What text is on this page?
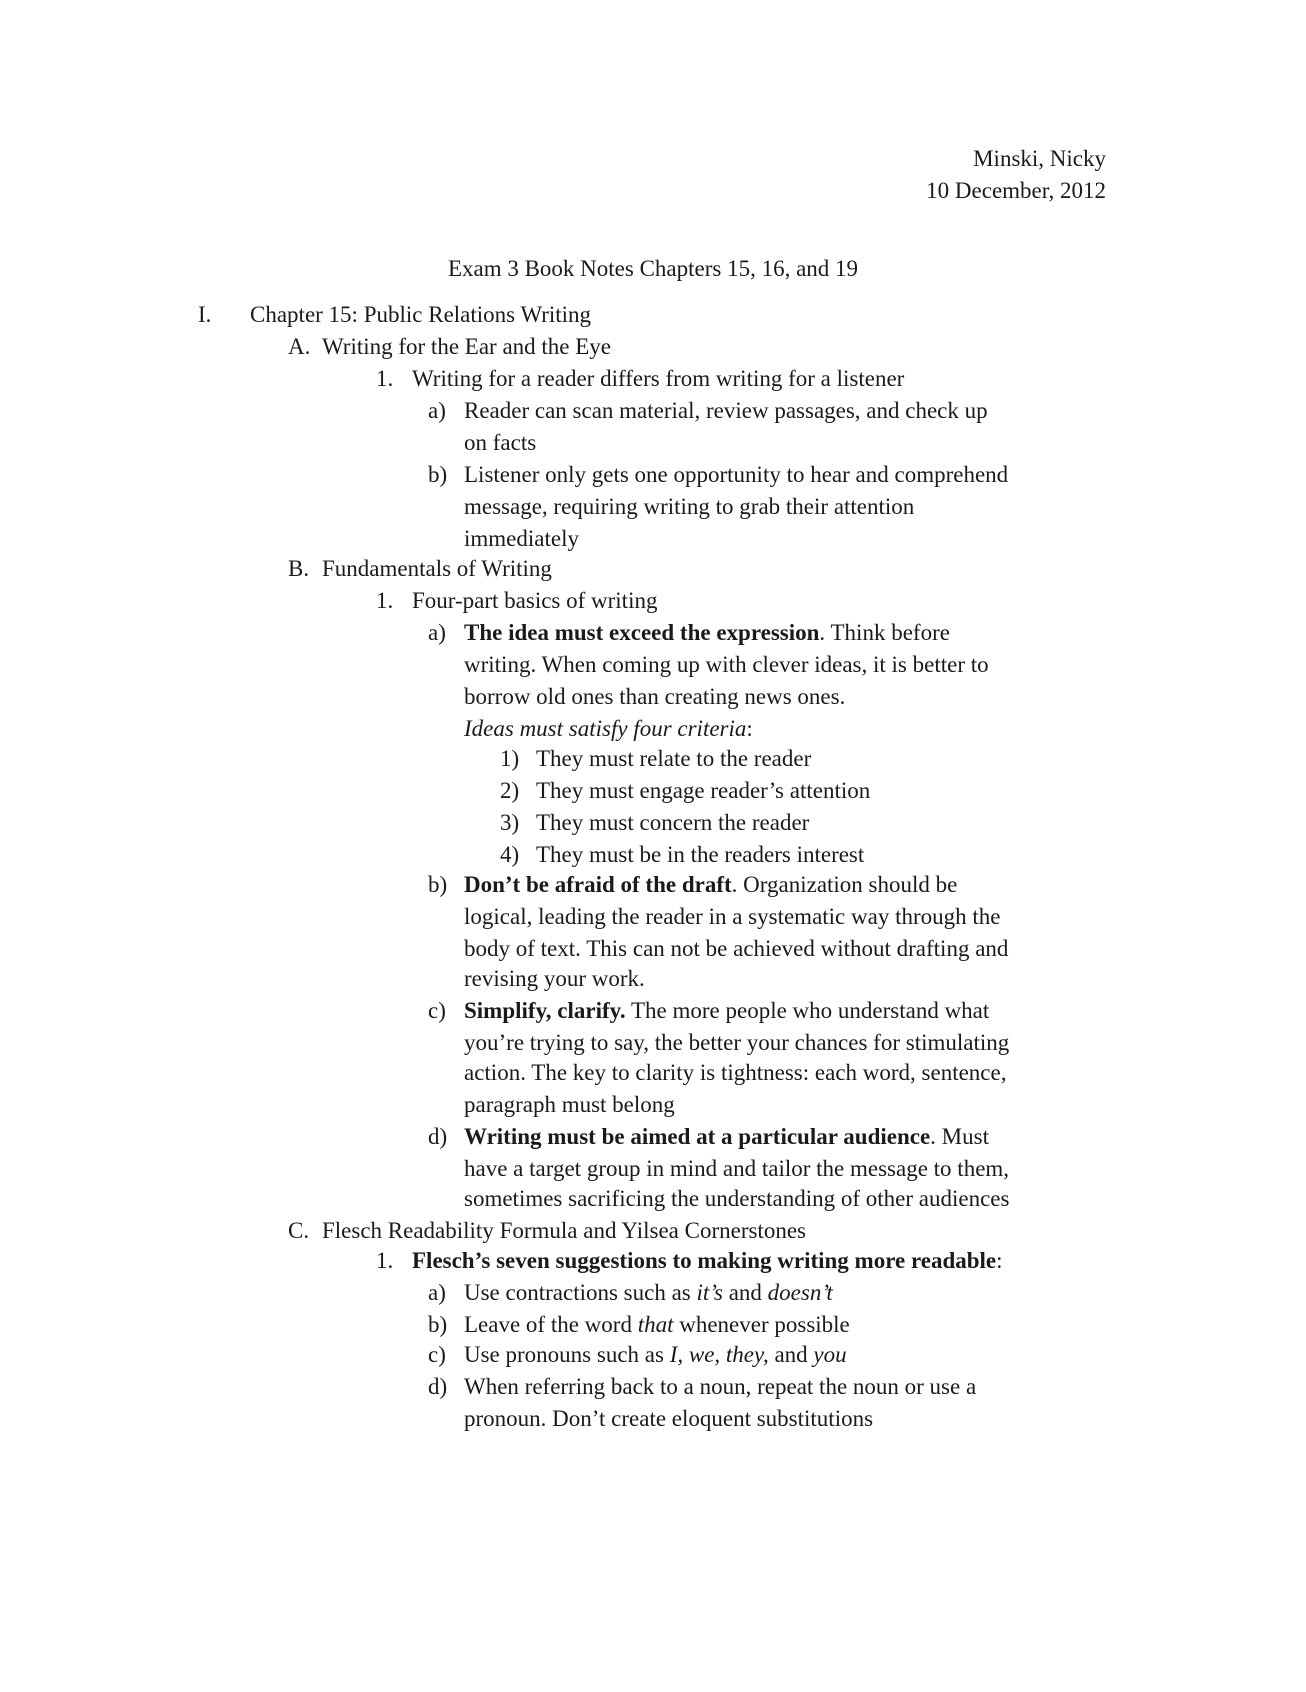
Minski, Nicky
10 December, 2012
Exam 3 Book Notes Chapters 15, 16, and 19
I. Chapter 15: Public Relations Writing
A. Writing for the Ear and the Eye
1. Writing for a reader differs from writing for a listener
a) Reader can scan material, review passages, and check up
on facts
b) Listener only gets one opportunity to hear and comprehend
message, requiring writing to grab their attention
immediately
B. Fundamentals of Writing
1. Four-part basics of writing
a) The idea must exceed the expression. Think before
writing. When coming up with clever ideas, it is better to
borrow old ones than creating news ones.
Ideas must satisfy four criteria:
1) They must relate to the reader
2) They must engage reader’s attention
3) They must concern the reader
4) They must be in the readers interest
b) Don’t be afraid of the draft. Organization should be
logical, leading the reader in a systematic way through the
body of text. This can not be achieved without drafting and
revising your work.
c) Simplify, clarify. The more people who understand what
you’re trying to say, the better your chances for stimulating
action. The key to clarity is tightness: each word, sentence,
paragraph must belong
d) Writing must be aimed at a particular audience. Must
have a target group in mind and tailor the message to them,
sometimes sacrificing the understanding of other audiences
C. Flesch Readability Formula and Yilsea Cornerstones
1. Flesch’s seven suggestions to making writing more readable:
a) Use contractions such as it’s and doesn’t
b) Leave of the word that whenever possible
c) Use pronouns such as I, we, they, and you
d) When referring back to a noun, repeat the noun or use a
pronoun. Don’t create eloquent substitutions
